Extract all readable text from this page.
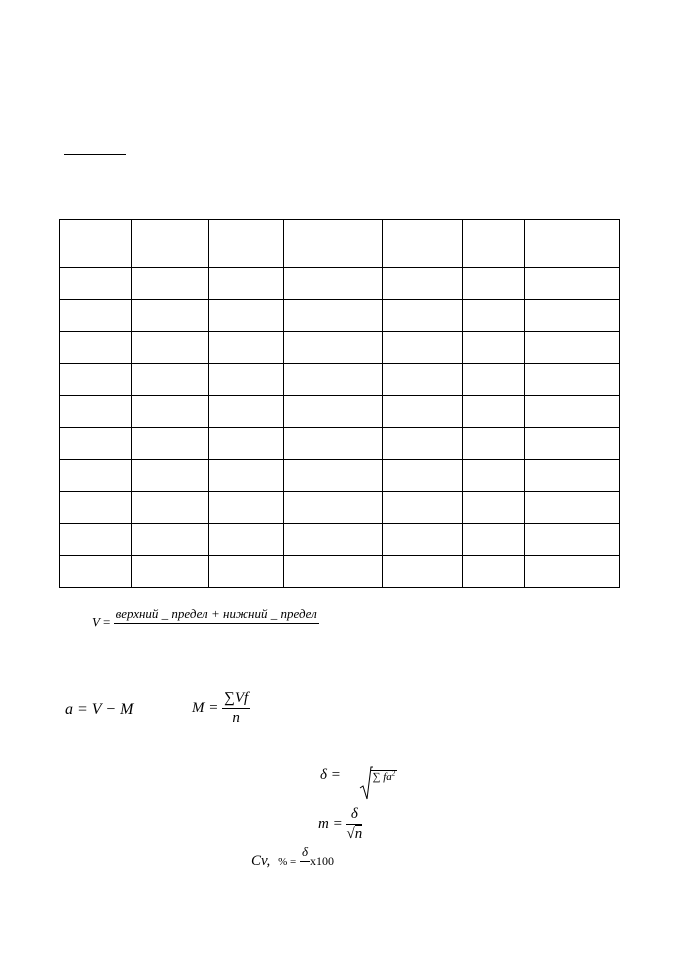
V =
верхний _ предел + нижний _ предел

a = V − M	$M = \frac{\sum Vf}{n}$
δ =	∑ $fa^2$
$m = \frac{\delta}{√n}$
Cv, % =
δ

x100
